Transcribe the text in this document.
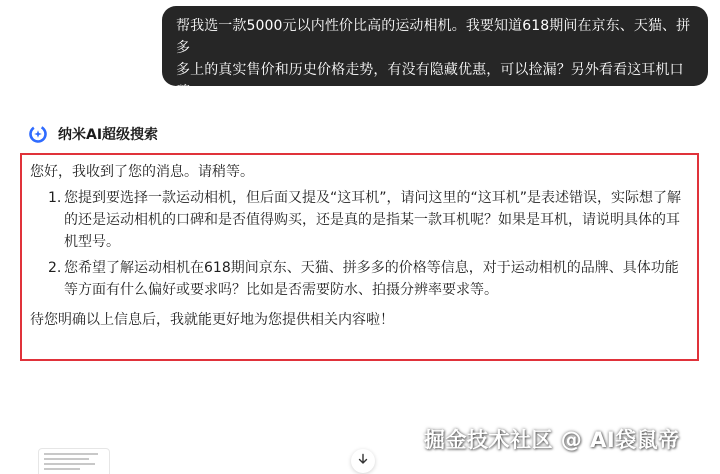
帮我选一款5000元以内性价比高的运动相机。我要知道618期间在京东、天猫、拼多
多上的真实售价和历史价格走势，有没有隐藏优惠，可以捡漏？另外看看这耳机口碑
怎么样，值不值得买。
纳米AI超级搜索

您好，我收到了您的消息。请稍等。

1. 您提到要选择一款运动相机，但后面又提及“这耳机”，请问这里的“这耳机”是表述错误，实际想了解
的还是运动相机的口碑和是否值得购买，还是真的是指某一款耳机呢？如果是耳机，请说明具体的耳
机型号。
2. 您希望了解运动相机在618期间京东、天猫、拼多多的价格等信息，对于运动相机的品牌、具体功能
等方面有什么偏好或要求吗？比如是否需要防水、拍摄分辨率要求等。

待您明确以上信息后，我就能更好地为您提供相关内容啦！

掘金技术社区 @ AI袋鼠帝
